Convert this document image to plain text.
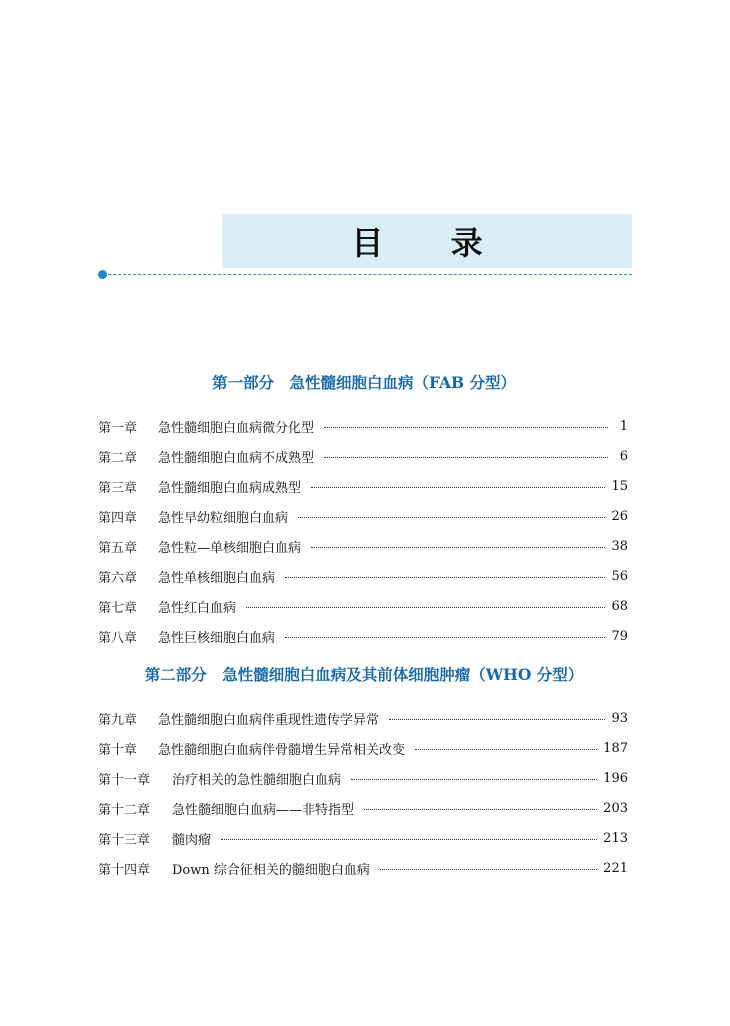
目 录
第一部分　急性髓细胞白血病（FAB 分型）
第一章	急性髓细胞白血病微分化型	1
第二章	急性髓细胞白血病不成熟型	6
第三章	急性髓细胞白血病成熟型	15
第四章	急性早幼粒细胞白血病	26
第五章	急性粒—单核细胞白血病	38
第六章	急性单核细胞白血病	56
第七章	急性红白血病	68
第八章	急性巨核细胞白血病	79
第二部分　急性髓细胞白血病及其前体细胞肿瘤（WHO 分型）
第九章	急性髓细胞白血病伴重现性遗传学异常	93
第十章	急性髓细胞白血病伴骨髓增生异常相关改变	187
第十一章	治疗相关的急性髓细胞白血病	196
第十二章	急性髓细胞白血病——非特指型	203
第十三章	髓肉瘤	213
第十四章	Down 综合征相关的髓细胞白血病	221
